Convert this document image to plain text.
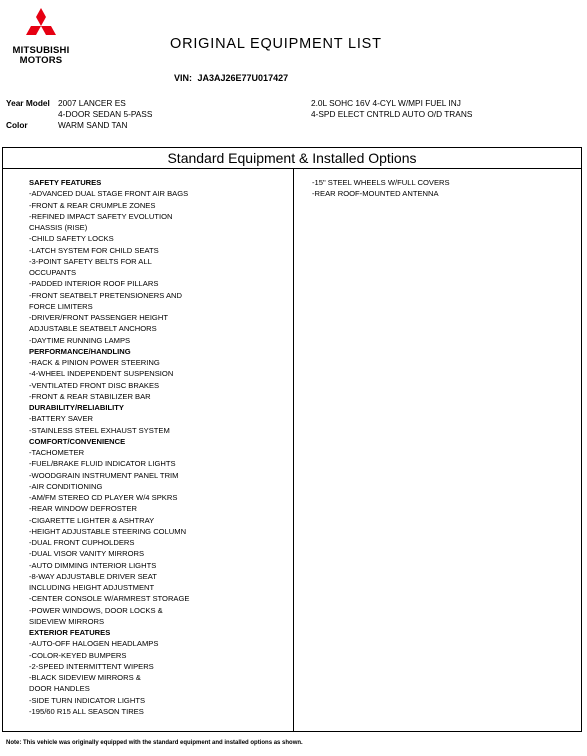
MITSUBISHI
MOTORS
ORIGINAL EQUIPMENT LIST
VIN: JA3AJ26E77U017427
Year Model 2007 LANCER ES
4-DOOR SEDAN 5-PASS
Color	WARM SAND TAN
2.0L SOHC 16V 4-CYL W/MPI FUEL INJ
4-SPD ELECT CNTRLD AUTO O/D TRANS
Standard Equipment & Installed Options
SAFETY FEATURES
-ADVANCED DUAL STAGE FRONT AIR BAGS
-FRONT & REAR CRUMPLE ZONES
-REFINED IMPACT SAFETY EVOLUTION
CHASSIS (RISE)
-CHILD SAFETY LOCKS
-LATCH SYSTEM FOR CHILD SEATS
-3-POINT SAFETY BELTS FOR ALL
OCCUPANTS
-PADDED INTERIOR ROOF PILLARS
-FRONT SEATBELT PRETENSIONERS AND
FORCE LIMITERS
-DRIVER/FRONT PASSENGER HEIGHT
ADJUSTABLE SEATBELT ANCHORS
-DAYTIME RUNNING LAMPS
PERFORMANCE/HANDLING
-RACK & PINION POWER STEERING
-4-WHEEL INDEPENDENT SUSPENSION
-VENTILATED FRONT DISC BRAKES
-FRONT & REAR STABILIZER BAR
DURABILITY/RELIABILITY
-BATTERY SAVER
-STAINLESS STEEL EXHAUST SYSTEM
COMFORT/CONVENIENCE
-TACHOMETER
-FUEL/BRAKE FLUID INDICATOR LIGHTS
-WOODGRAIN INSTRUMENT PANEL TRIM
-AIR CONDITIONING
-AM/FM STEREO CD PLAYER W/4 SPKRS
-REAR WINDOW DEFROSTER
-CIGARETTE LIGHTER & ASHTRAY
-HEIGHT ADJUSTABLE STEERING COLUMN
-DUAL FRONT CUPHOLDERS
-DUAL VISOR VANITY MIRRORS
-AUTO DIMMING INTERIOR LIGHTS
-8-WAY ADJUSTABLE DRIVER SEAT
INCLUDING HEIGHT ADJUSTMENT
-CENTER CONSOLE W/ARMREST STORAGE
-POWER WINDOWS, DOOR LOCKS &
SIDEVIEW MIRRORS
EXTERIOR FEATURES
-AUTO-OFF HALOGEN HEADLAMPS
-COLOR-KEYED BUMPERS
-2-SPEED INTERMITTENT WIPERS
-BLACK SIDEVIEW MIRRORS &
DOOR HANDLES
-SIDE TURN INDICATOR LIGHTS
-195/60 R15 ALL SEASON TIRES
-15" STEEL WHEELS W/FULL COVERS
-REAR ROOF-MOUNTED ANTENNA
Note: This vehicle was originally equipped with the standard equipment and installed options as shown.
